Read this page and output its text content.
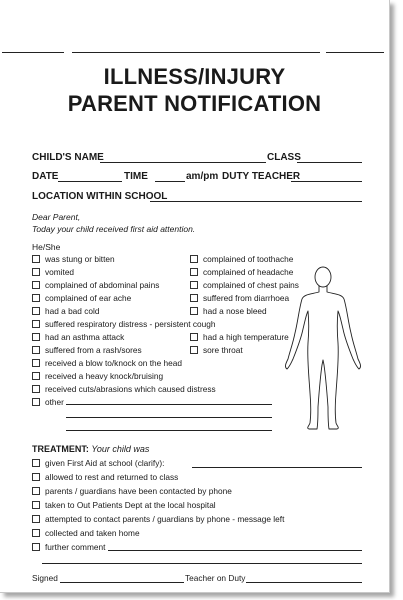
ILLNESS/INJURY
PARENT NOTIFICATION
CHILD'S NAME	CLASS
DATE	TIME	am/pm DUTY TEACHER
LOCATION WITHIN SCHOOL
Dear Parent,
Today your child received first aid attention.
He/She
was stung or bitten
vomited
complained of abdominal pains
complained of ear ache
had a bad cold
suffered respiratory distress - persistent cough
had an asthma attack
suffered from a rash/sores
received a blow to/knock on the head
received a heavy knock/bruising
received cuts/abrasions which caused distress
other
complained of toothache
complained of headache
complained of chest pains
suffered from diarrhoea
had a nose bleed
had a high temperature
sore throat
TREATMENT: Your child was
given First Aid at school (clarify):
allowed to rest and returned to class
parents / guardians have been contacted by phone
taken to Out Patients Dept at the local hospital
attempted to contact parents / guardians by phone - message left
collected and taken home
further comment
Signed	Teacher on Duty
